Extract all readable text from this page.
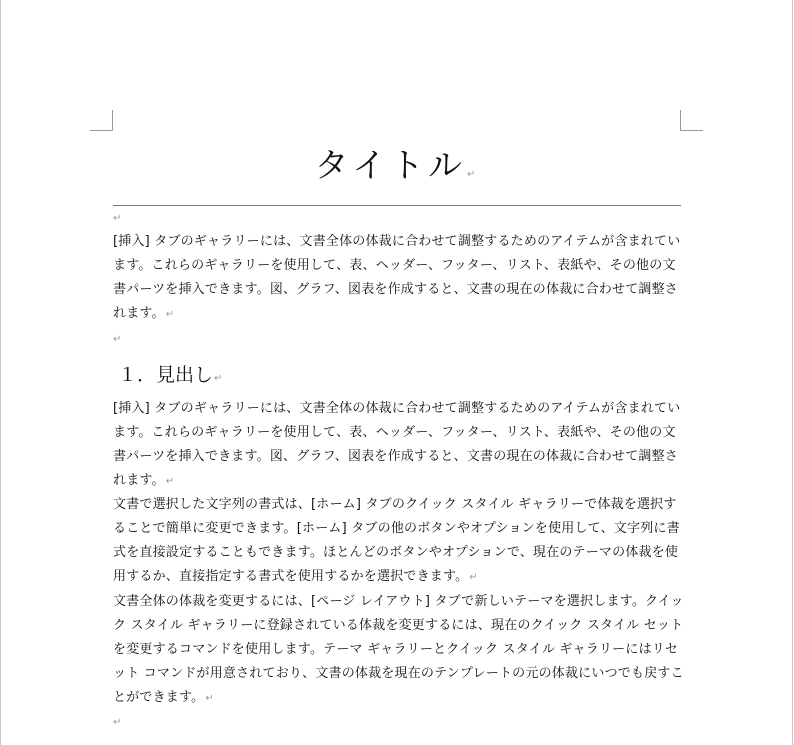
タイトル↵
↵

[挿入] タブのギャラリーには、文書全体の体裁に合わせて調整するためのアイテムが含まれています。これらのギャラリーを使用して、表、ヘッダー、フッター、リスト、表紙や、その他の文書パーツを挿入できます。図、グラフ、図表を作成すると、文書の現在の体裁に合わせて調整されます。↵

↵
１．見出し↵

[挿入] タブのギャラリーには、文書全体の体裁に合わせて調整するためのアイテムが含まれています。これらのギャラリーを使用して、表、ヘッダー、フッター、リスト、表紙や、その他の文書パーツを挿入できます。図、グラフ、図表を作成すると、文書の現在の体裁に合わせて調整されます。↵

文書で選択した文字列の書式は、[ホーム] タブのクイック スタイル ギャラリーで体裁を選択することで簡単に変更できます。[ホーム] タブの他のボタンやオプションを使用して、文字列に書式を直接設定することもできます。ほとんどのボタンやオプションで、現在のテーマの体裁を使用するか、直接指定する書式を使用するかを選択できます。↵

文書全体の体裁を変更するには、[ページ レイアウト] タブで新しいテーマを選択します。クイック スタイル ギャラリーに登録されている体裁を変更するには、現在のクイック スタイル セットを変更するコマンドを使用します。テーマ ギャラリーとクイック スタイル ギャラリーにはリセット コマンドが用意されており、文書の体裁を現在のテンプレートの元の体裁にいつでも戻すことができます。↵

↵
